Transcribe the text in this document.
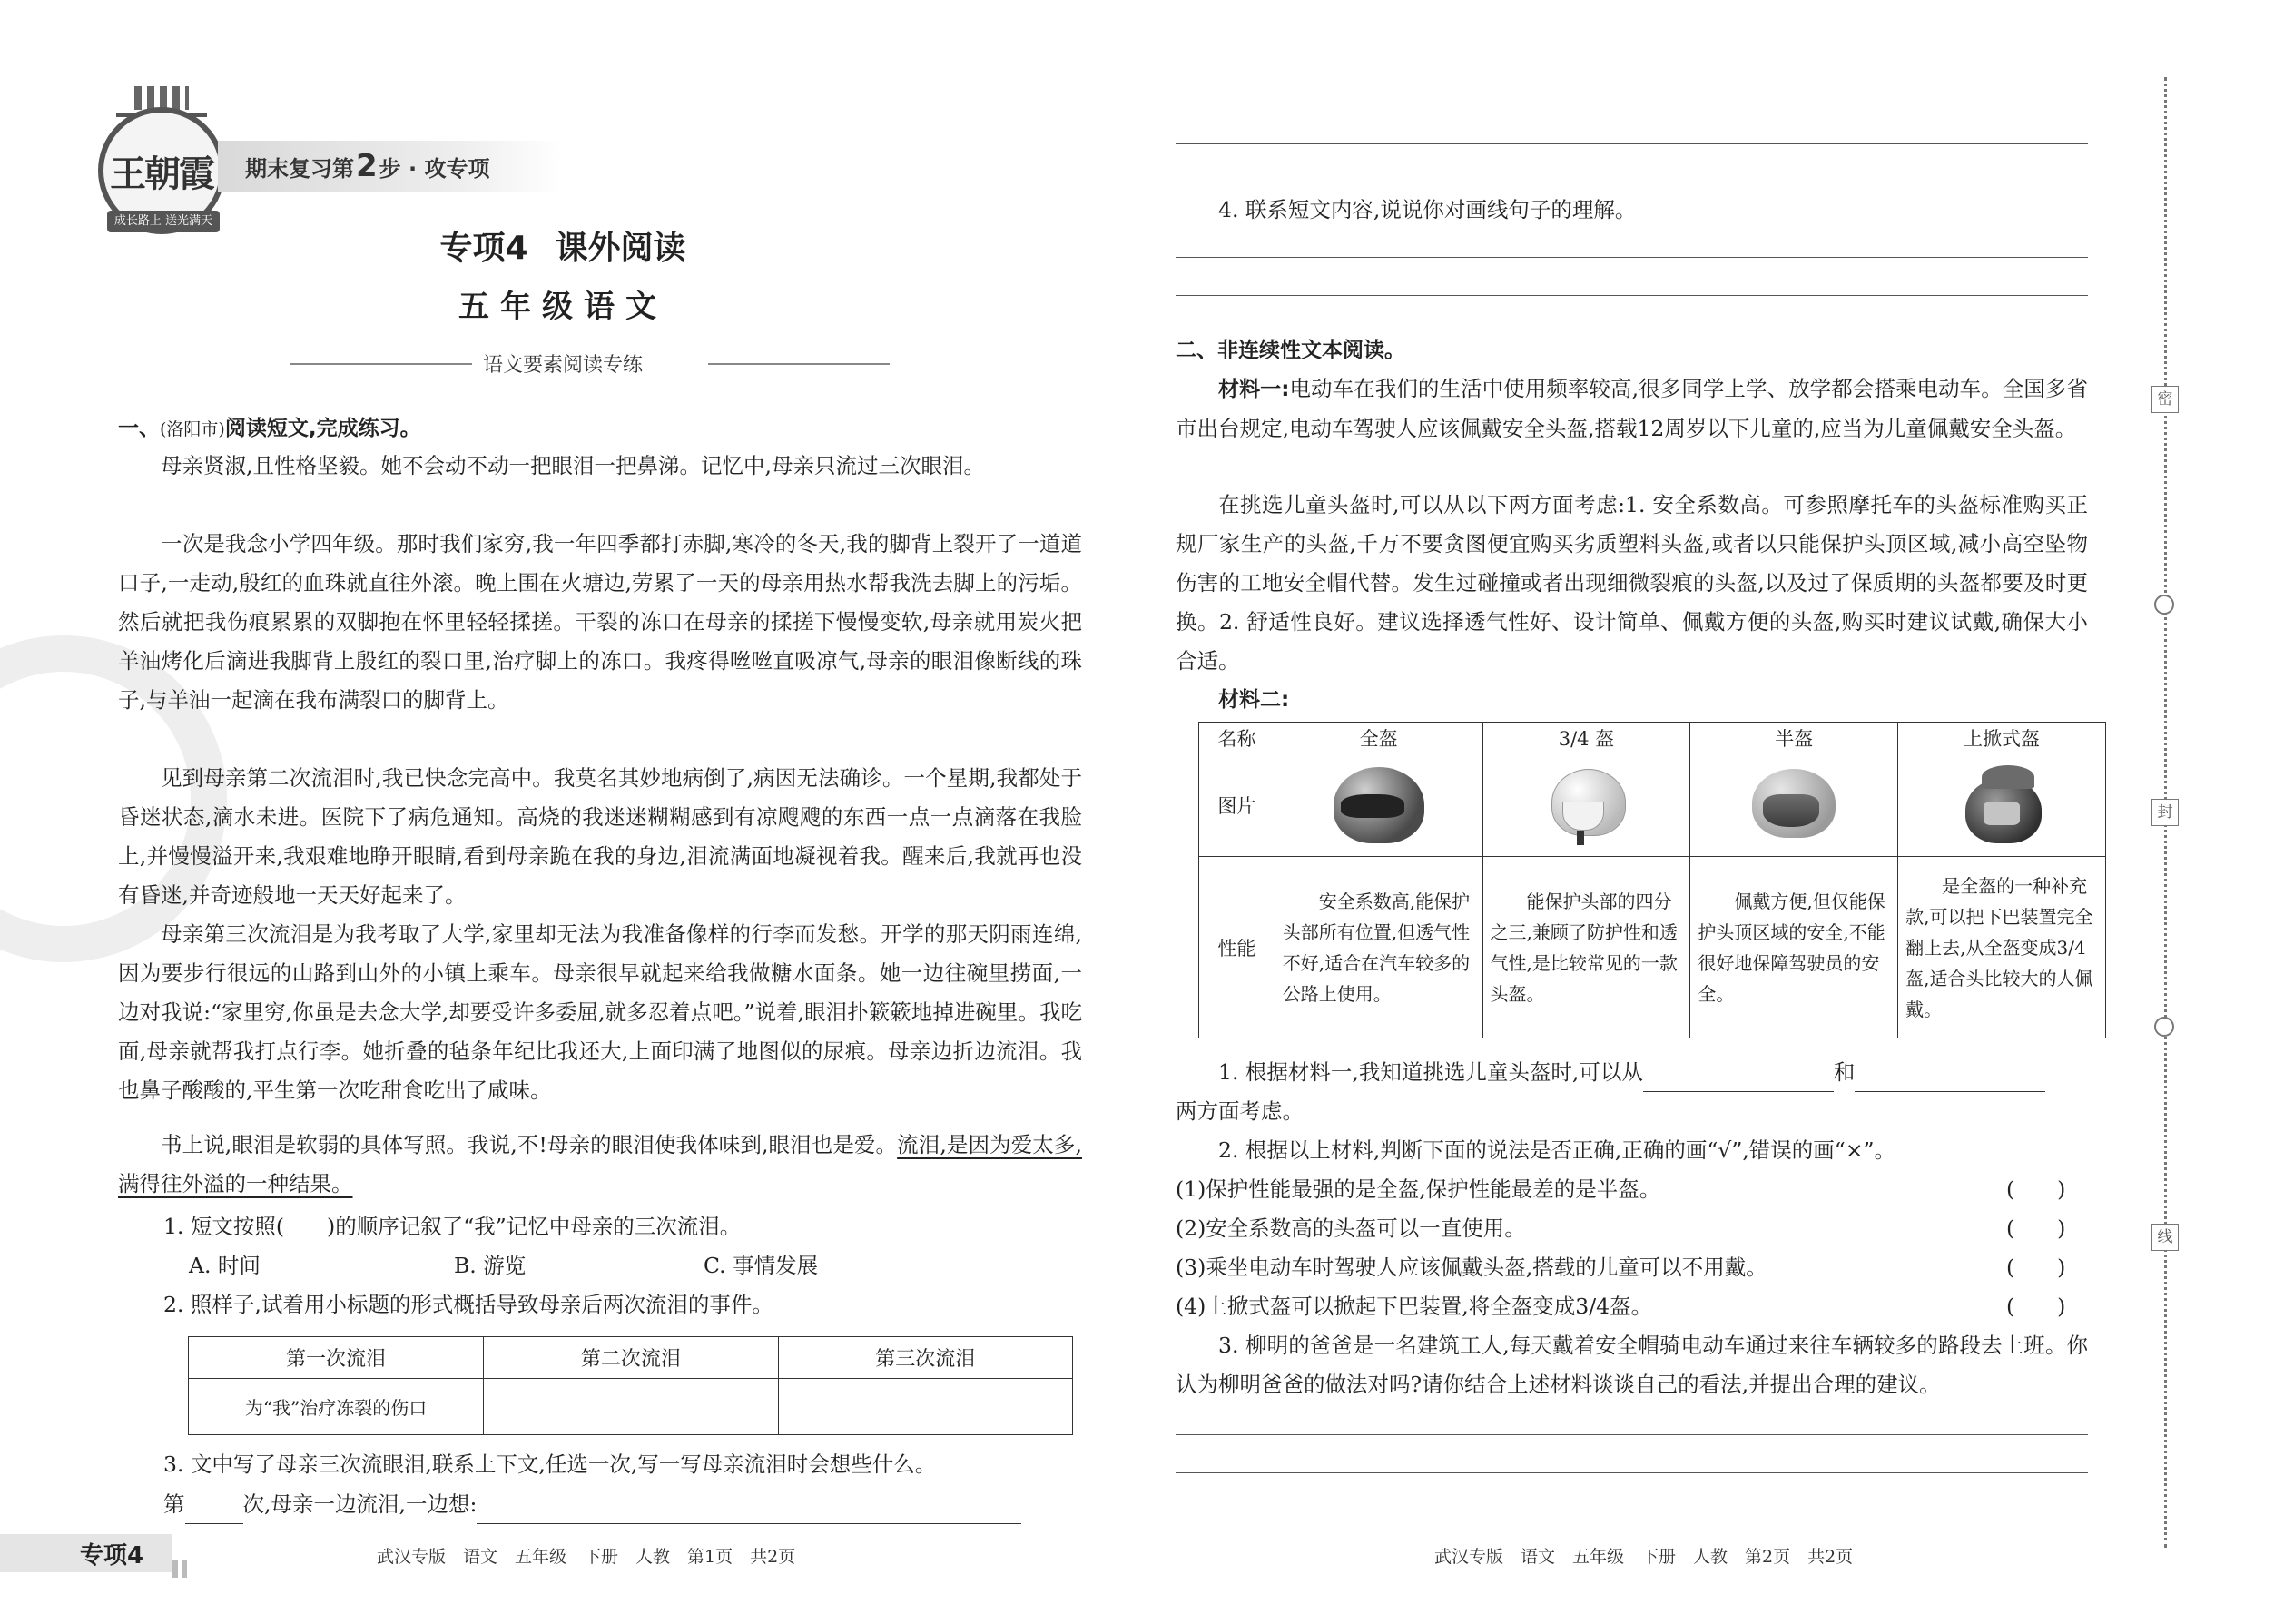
王朝霞
成长路上 送光满天
期末复习第 2 步 · 攻专项
专项4 课外阅读
五年级语文
语文要素阅读专练
一、(洛阳市)阅读短文,完成练习。
母亲贤淑,且性格坚毅。她不会动不动一把眼泪一把鼻涕。记忆中,母亲只流过三次眼泪。
一次是我念小学四年级。那时我们家穷,我一年四季都打赤脚,寒冷的冬天,我的脚背上裂开了一道道口子,一走动,殷红的血珠就直往外滚。晚上围在火塘边,劳累了一天的母亲用热水帮我洗去脚上的污垢。然后就把我伤痕累累的双脚抱在怀里轻轻揉搓。干裂的冻口在母亲的揉搓下慢慢变软,母亲就用炭火把羊油烤化后滴进我脚背上殷红的裂口里,治疗脚上的冻口。我疼得咝咝直吸凉气,母亲的眼泪像断线的珠子,与羊油一起滴在我布满裂口的脚背上。
见到母亲第二次流泪时,我已快念完高中。我莫名其妙地病倒了,病因无法确诊。一个星期,我都处于昏迷状态,滴水未进。医院下了病危通知。高烧的我迷迷糊糊感到有凉飕飕的东西一点一点滴落在我脸上,并慢慢溢开来,我艰难地睁开眼睛,看到母亲跪在我的身边,泪流满面地凝视着我。醒来后,我就再也没有昏迷,并奇迹般地一天天好起来了。
母亲第三次流泪是为我考取了大学,家里却无法为我准备像样的行李而发愁。开学的那天阴雨连绵,因为要步行很远的山路到山外的小镇上乘车。母亲很早就起来给我做糖水面条。她一边往碗里捞面,一边对我说:“家里穷,你虽是去念大学,却要受许多委屈,就多忍着点吧。”说着,眼泪扑簌簌地掉进碗里。我吃面,母亲就帮我打点行李。她折叠的毡条年纪比我还大,上面印满了地图似的尿痕。母亲边折边流泪。我也鼻子酸酸的,平生第一次吃甜食吃出了咸味。
书上说,眼泪是软弱的具体写照。我说,不!母亲的眼泪使我体味到,眼泪也是爱。流泪,是因为爱太多,满得往外溢的一种结果。
1. 短文按照(　　)的顺序记叙了“我”记忆中母亲的三次流泪。
A. 时间	B. 游览	C. 事情发展
2. 照样子,试着用小标题的形式概括导致母亲后两次流泪的事件。
第一次流泪	第二次流泪	第三次流泪
为“我”治疗冻裂的伤口		
3. 文中写了母亲三次流眼泪,联系上下文,任选一次,写一写母亲流泪时会想些什么。
第	次,母亲一边流泪,一边想:
专项4	武汉专版　语文　五年级　下册　人教　第1页　共2页
4. 联系短文内容,说说你对画线句子的理解。
二、非连续性文本阅读。
材料一:电动车在我们的生活中使用频率较高,很多同学上学、放学都会搭乘电动车。全国多省市出台规定,电动车驾驶人应该佩戴安全头盔,搭载12周岁以下儿童的,应当为儿童佩戴安全头盔。
在挑选儿童头盔时,可以从以下两方面考虑:1. 安全系数高。可参照摩托车的头盔标准购买正规厂家生产的头盔,千万不要贪图便宜购买劣质塑料头盔,或者以只能保护头顶区域,减小高空坠物伤害的工地安全帽代替。发生过碰撞或者出现细微裂痕的头盔,以及过了保质期的头盔都要及时更换。2. 舒适性良好。建议选择透气性好、设计简单、佩戴方便的头盔,购买时建议试戴,确保大小合适。
材料二:
名称	全盔	3/4 盔	半盔	上掀式盔
图片	

性能	安全系数高,能保护头部所有位置,但透气性不好,适合在汽车较多的公路上使用。	能保护头部的四分之三,兼顾了防护性和透气性,是比较常见的一款头盔。	佩戴方便,但仅能保护头顶区域的安全,不能很好地保障驾驶员的安全。	是全盔的一种补充款,可以把下巴装置完全翻上去,从全盔变成3/4盔,适合头比较大的人佩戴。
1. 根据材料一,我知道挑选儿童头盔时,可以从	和
两方面考虑。
2. 根据以上材料,判断下面的说法是否正确,正确的画“√”,错误的画“×”。
(1)保护性能最强的是全盔,保护性能最差的是半盔。
(2)安全系数高的头盔可以一直使用。
(3)乘坐电动车时驾驶人应该佩戴头盔,搭载的儿童可以不用戴。
(4)上掀式盔可以掀起下巴装置,将全盔变成3/4盔。
(　　)
(　　)
(　　)
(　　)
3. 柳明的爸爸是一名建筑工人,每天戴着安全帽骑电动车通过来往车辆较多的路段去上班。你认为柳明爸爸的做法对吗?请你结合上述材料谈谈自己的看法,并提出合理的建议。
武汉专版　语文　五年级　下册　人教　第2页　共2页
密
封
线
